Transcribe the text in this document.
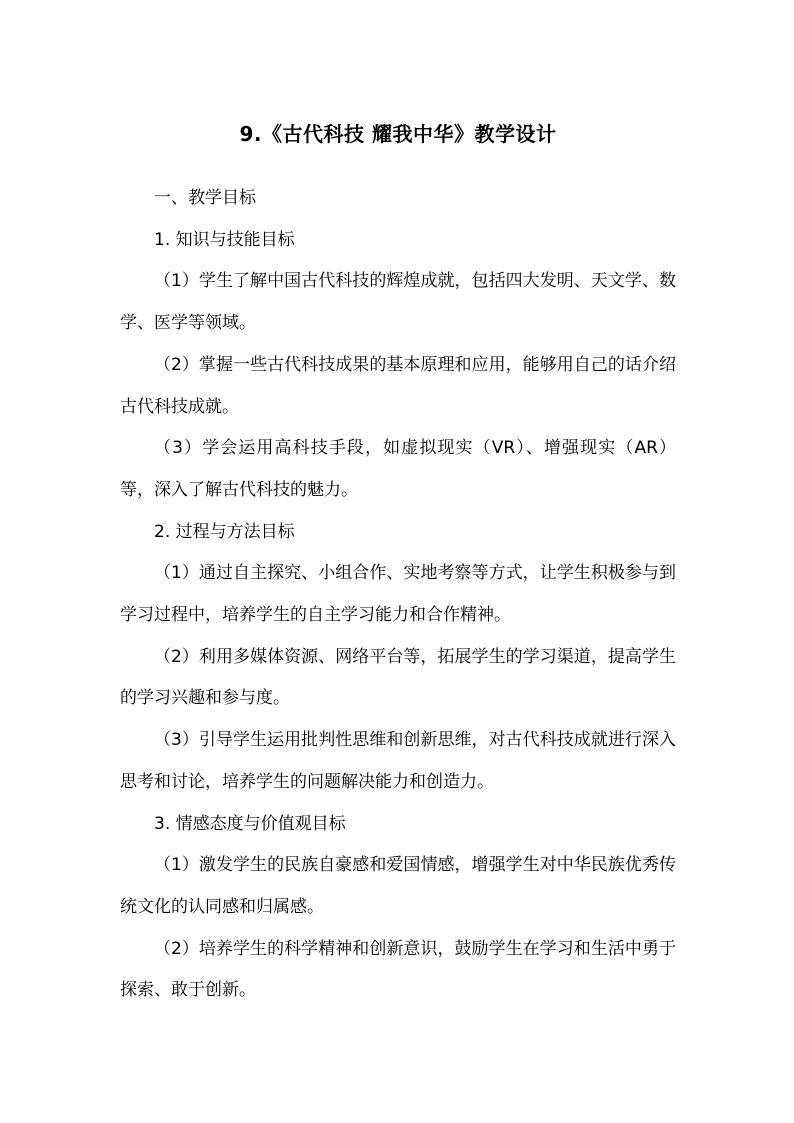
9.《古代科技 耀我中华》教学设计

一、教学目标

1. 知识与技能目标

（1）学生了解中国古代科技的辉煌成就，包括四大发明、天文学、数学、医学等领域。

（2）掌握一些古代科技成果的基本原理和应用，能够用自己的话介绍古代科技成就。

（3）学会运用高科技手段，如虚拟现实（VR）、增强现实（AR）等，深入了解古代科技的魅力。

2. 过程与方法目标

（1）通过自主探究、小组合作、实地考察等方式，让学生积极参与到学习过程中，培养学生的自主学习能力和合作精神。

（2）利用多媒体资源、网络平台等，拓展学生的学习渠道，提高学生的学习兴趣和参与度。

（3）引导学生运用批判性思维和创新思维，对古代科技成就进行深入思考和讨论，培养学生的问题解决能力和创造力。

3. 情感态度与价值观目标

（1）激发学生的民族自豪感和爱国情感，增强学生对中华民族优秀传统文化的认同感和归属感。

（2）培养学生的科学精神和创新意识，鼓励学生在学习和生活中勇于探索、敢于创新。
